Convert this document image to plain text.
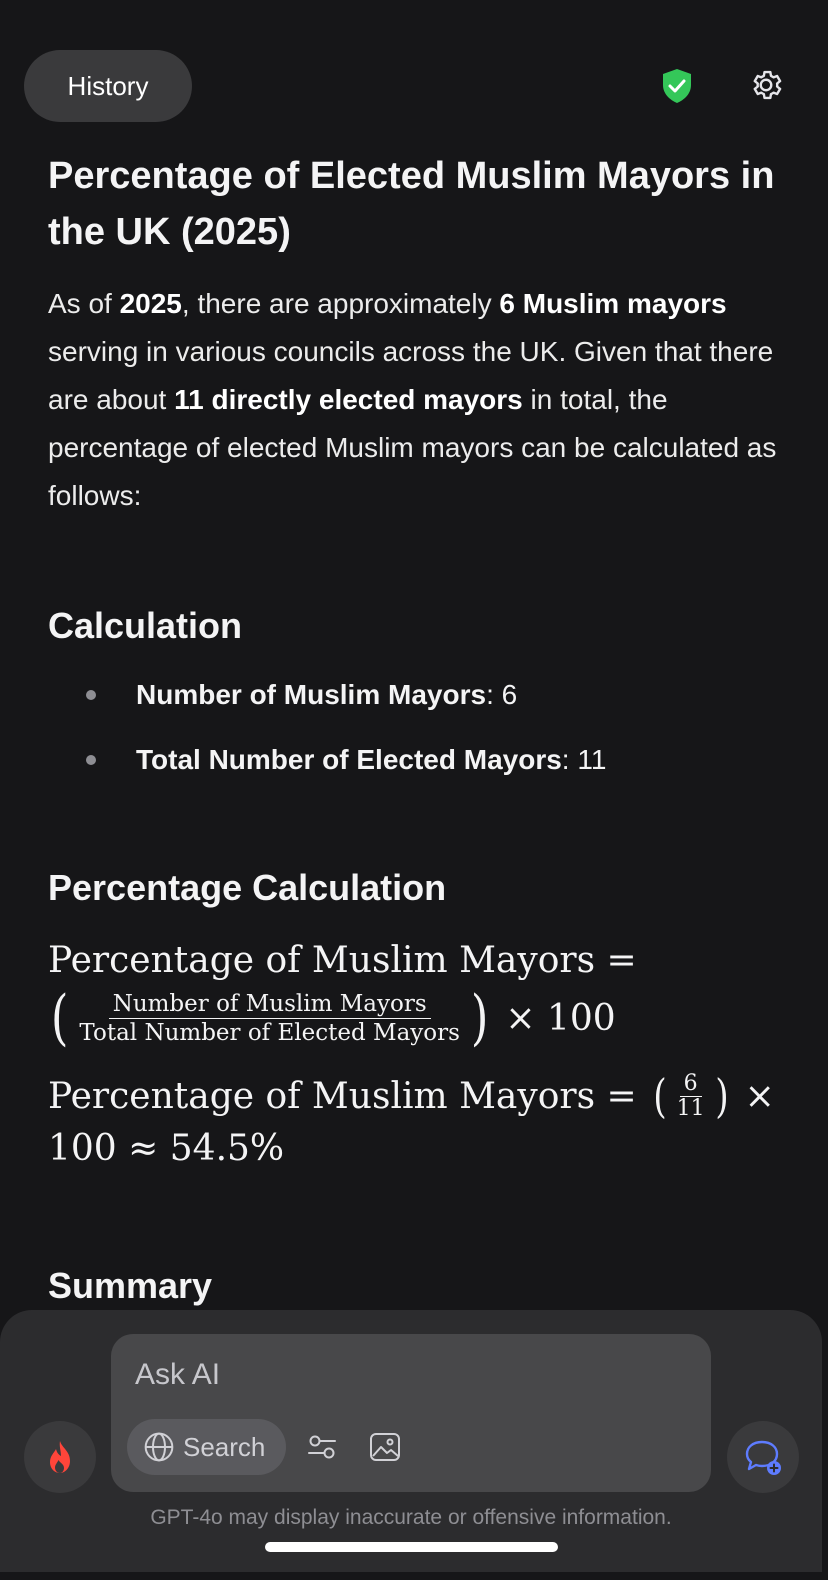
History
Percentage of Elected Muslim Mayors in the UK (2025)

As of 2025, there are approximately 6 Muslim mayors serving in various councils across the UK. Given that there are about 11 directly elected mayors in total, the percentage of elected Muslim mayors can be calculated as follows:

Calculation
Number of Muslim Mayors: 6
Total Number of Elected Mayors: 11
Percentage Calculation
Percentage of Muslim Mayors =
( $\frac{\text{Number of Muslim Mayors}}{\text{Total Number of Elected Mayors}}$ ) × 100
Percentage of Muslim Mayors = ( $\frac{6}{11}$ ) ×
100 ≈ 54.5%
Summary
Ask AI
Search
GPT-4o may display inaccurate or offensive information.
